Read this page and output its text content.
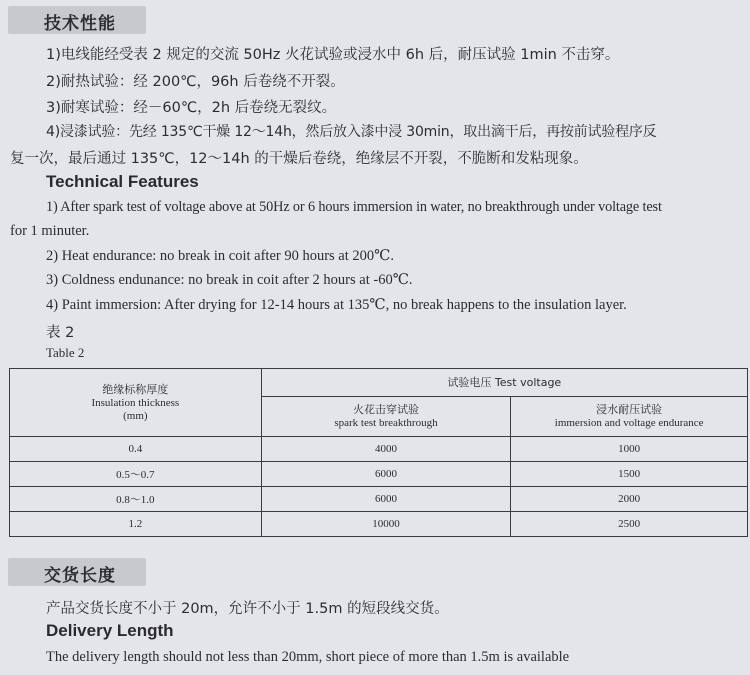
技术性能
1)电线能经受表 2 规定的交流 50Hz 火花试验或浸水中 6h 后，耐压试验 1min 不击穿。
2)耐热试验：经 200℃，96h 后卷绕不开裂。
3)耐寒试验：经－60℃，2h 后卷绕无裂纹。
4)浸漆试验：先经 135℃干燥 12～14h，然后放入漆中浸 30min，取出滴干后，再按前试验程序反
复一次，最后通过 135℃，12～14h 的干燥后卷绕，绝缘层不开裂，不脆断和发粘现象。
Technical Features
1) After spark test of voltage above at 50Hz or 6 hours immersion in water, no breakthrough under voltage test
for 1 minuter.
2) Heat endurance: no break in coit after 90 hours at 200℃.
3) Coldness endunance: no break in coit after 2 hours at -60℃.
4) Paint immersion: After drying for 12-14 hours at 135℃, no break happens to the insulation layer.
表 2
Table 2
绝缘标称厚度
Insulation thickness
(mm)	试验电压 Test voltage	

	火花击穿试验
spark test breakthrough	浸水耐压试验
immersion and voltage endurance

0.4	4000	1000
0.5～0.7	6000	1500
0.8～1.0	6000	2000
1.2	10000	2500
交货长度
产品交货长度不小于 20m，允许不小于 1.5m 的短段线交货。
Delivery Length
The delivery length should not less than 20mm, short piece of more than 1.5m is available
